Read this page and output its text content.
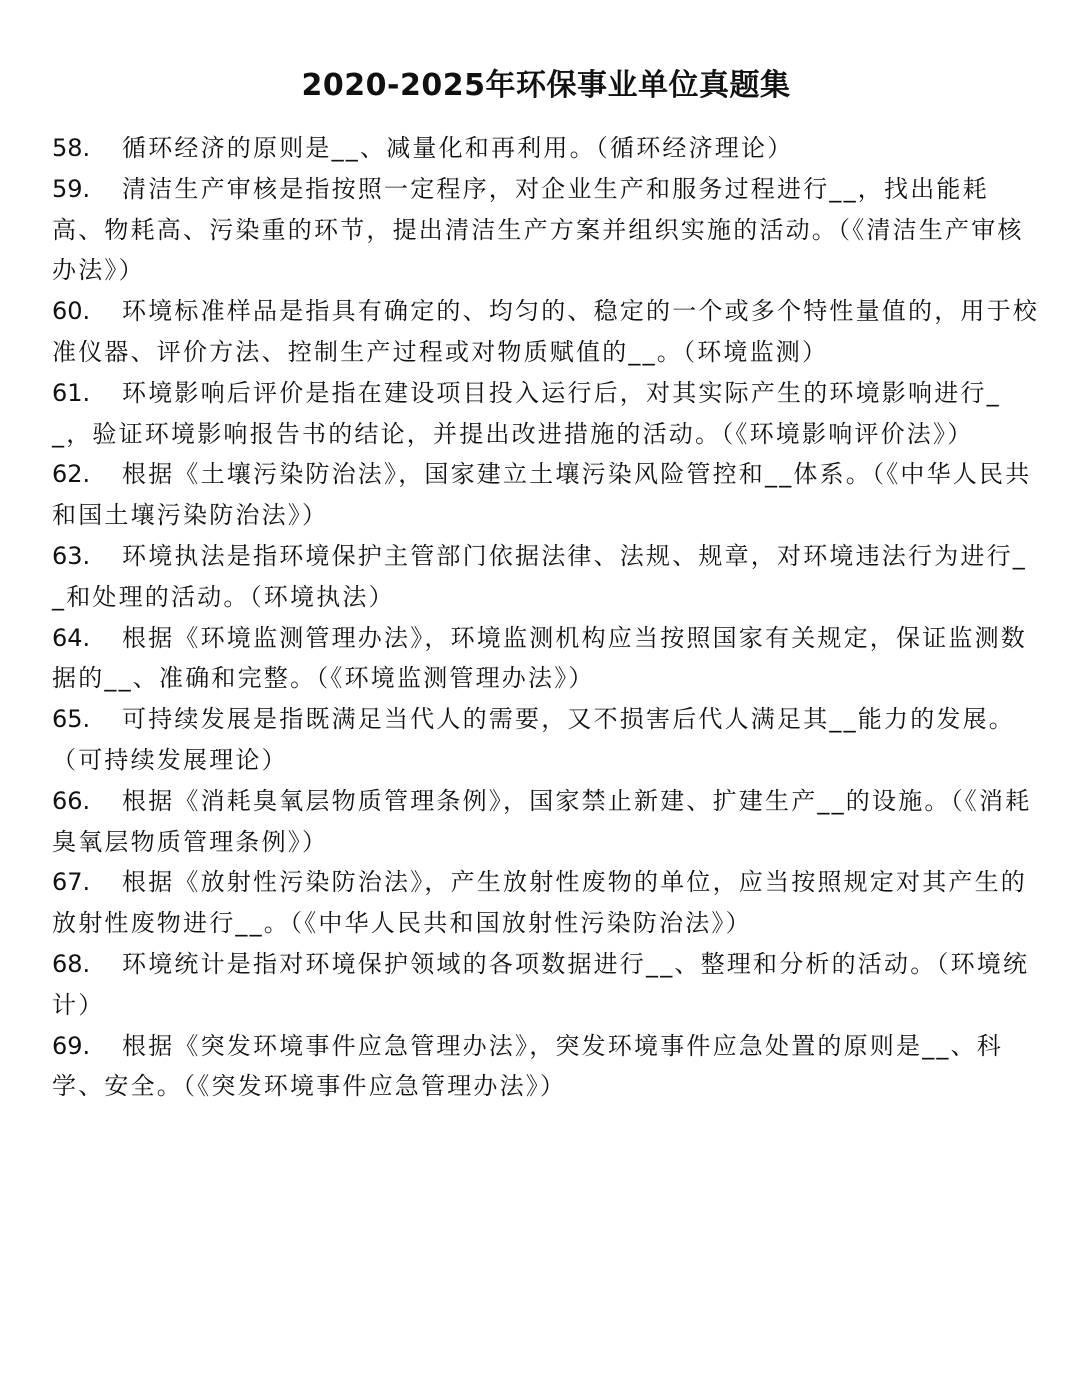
2020-2025年环保事业单位真题集
58. 循环经济的原则是__、减量化和再利用。（循环经济理论）
59. 清洁生产审核是指按照一定程序，对企业生产和服务过程进行__，找出能耗高、物耗高、污染重的环节，提出清洁生产方案并组织实施的活动。（《清洁生产审核办法》）
60. 环境标准样品是指具有确定的、均匀的、稳定的一个或多个特性量值的，用于校准仪器、评价方法、控制生产过程或对物质赋值的__。（环境监测）
61. 环境影响后评价是指在建设项目投入运行后，对其实际产生的环境影响进行__，验证环境影响报告书的结论，并提出改进措施的活动。（《环境影响评价法》）
62. 根据《土壤污染防治法》，国家建立土壤污染风险管控和__体系。（《中华人民共和国土壤污染防治法》）
63. 环境执法是指环境保护主管部门依据法律、法规、规章，对环境违法行为进行__和处理的活动。（环境执法）
64. 根据《环境监测管理办法》，环境监测机构应当按照国家有关规定，保证监测数据的__、准确和完整。（《环境监测管理办法》）
65. 可持续发展是指既满足当代人的需要，又不损害后代人满足其__能力的发展。（可持续发展理论）
66. 根据《消耗臭氧层物质管理条例》，国家禁止新建、扩建生产__的设施。（《消耗臭氧层物质管理条例》）
67. 根据《放射性污染防治法》，产生放射性废物的单位，应当按照规定对其产生的放射性废物进行__。（《中华人民共和国放射性污染防治法》）
68. 环境统计是指对环境保护领域的各项数据进行__、整理和分析的活动。（环境统计）
69. 根据《突发环境事件应急管理办法》，突发环境事件应急处置的原则是__、科学、安全。（《突发环境事件应急管理办法》）
